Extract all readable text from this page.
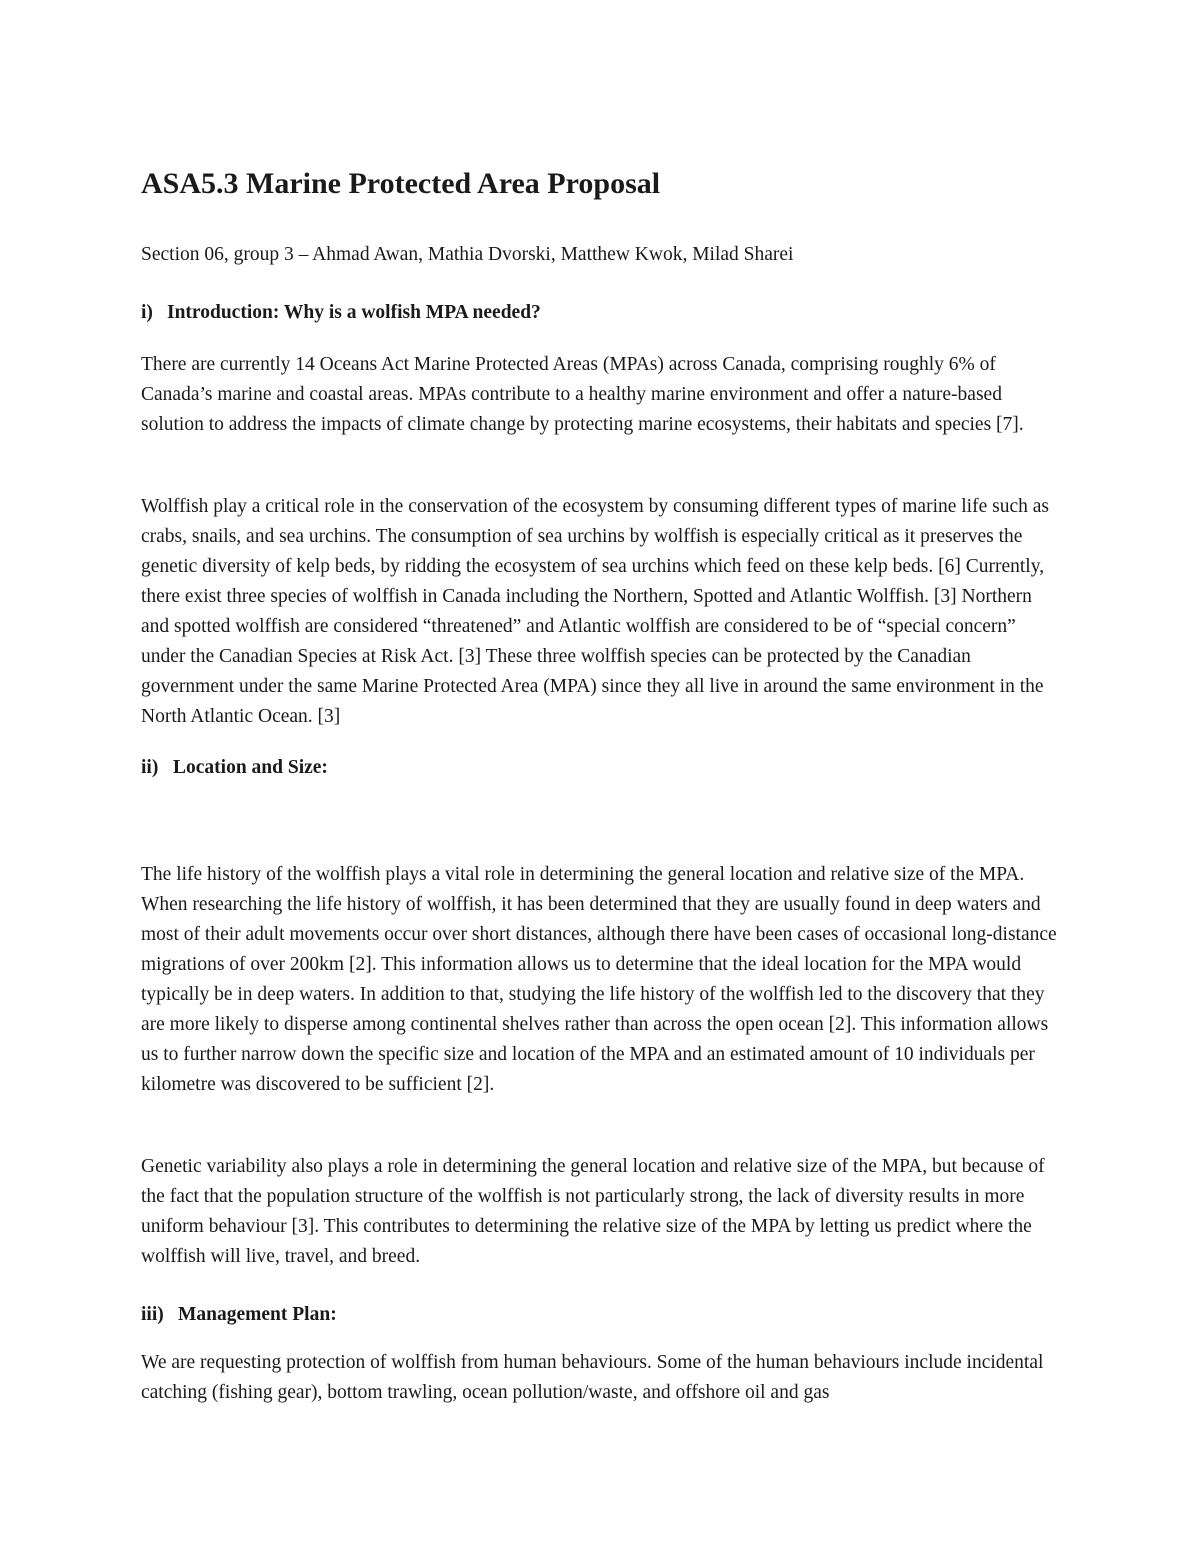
ASA5.3 Marine Protected Area Proposal

Section 06, group 3 – Ahmad Awan, Mathia Dvorski, Matthew Kwok, Milad Sharei

i) Introduction: Why is a wolfish MPA needed?

There are currently 14 Oceans Act Marine Protected Areas (MPAs) across Canada, comprising roughly 6% of Canada’s marine and coastal areas. MPAs contribute to a healthy marine environment and offer a nature-based solution to address the impacts of climate change by protecting marine ecosystems, their habitats and species [7].

Wolffish play a critical role in the conservation of the ecosystem by consuming different types of marine life such as crabs, snails, and sea urchins. The consumption of sea urchins by wolffish is especially critical as it preserves the genetic diversity of kelp beds, by ridding the ecosystem of sea urchins which feed on these kelp beds. [6] Currently, there exist three species of wolffish in Canada including the Northern, Spotted and Atlantic Wolffish. [3] Northern and spotted wolffish are considered “threatened” and Atlantic wolffish are considered to be of “special concern” under the Canadian Species at Risk Act. [3] These three wolffish species can be protected by the Canadian government under the same Marine Protected Area (MPA) since they all live in around the same environment in the North Atlantic Ocean. [3]

ii) Location and Size:

The life history of the wolffish plays a vital role in determining the general location and relative size of the MPA. When researching the life history of wolffish, it has been determined that they are usually found in deep waters and most of their adult movements occur over short distances, although there have been cases of occasional long-distance migrations of over 200km [2]. This information allows us to determine that the ideal location for the MPA would typically be in deep waters. In addition to that, studying the life history of the wolffish led to the discovery that they are more likely to disperse among continental shelves rather than across the open ocean [2]. This information allows us to further narrow down the specific size and location of the MPA and an estimated amount of 10 individuals per kilometre was discovered to be sufficient [2].

Genetic variability also plays a role in determining the general location and relative size of the MPA, but because of the fact that the population structure of the wolffish is not particularly strong, the lack of diversity results in more uniform behaviour [3]. This contributes to determining the relative size of the MPA by letting us predict where the wolffish will live, travel, and breed.

iii) Management Plan:

We are requesting protection of wolffish from human behaviours. Some of the human behaviours include incidental catching (fishing gear), bottom trawling, ocean pollution/waste, and offshore oil and gas
